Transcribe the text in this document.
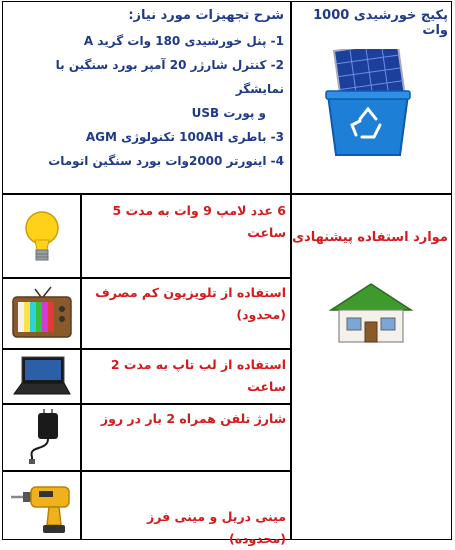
پکیج خورشیدی 1000 وات
شرح تجهیزات مورد نیاز:
1- پنل خورشیدی 180 وات گرید A
2- کنترل شارژر 20 آمپر بورد سنگین با نمایشگر
و پورت USB
3- باطری 100AH تکنولوژی AGM
4- اینورتر 2000وات بورد سنگین اتومات
موارد استفاده پیشنهادی
6 عدد لامپ 9 وات به مدت 5 ساعت
استفاده از تلویزیون کم مصرف (محدود)
استفاده از لب تاپ به مدت 2 ساعت
شارژ تلفن همراه 2 بار در روز
مینی دریل و مینی فرز (محدوده)
